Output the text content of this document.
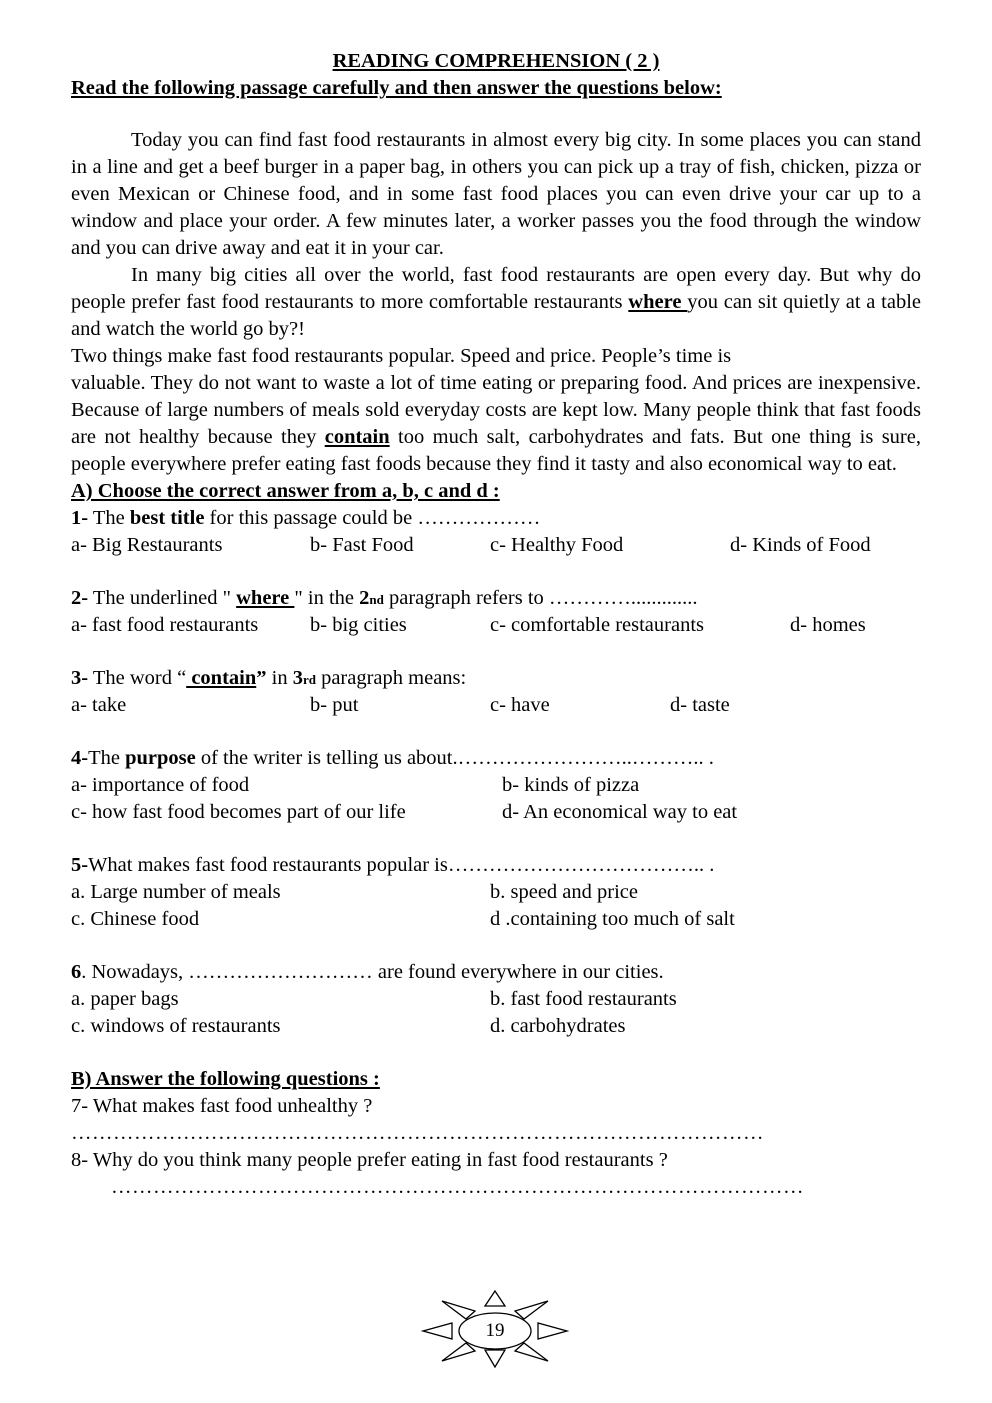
READING COMPREHENSION ( 2 )
Read the following passage carefully and then answer the questions below:

Today you can find fast food restaurants in almost every big city. In some places you can stand in a line and get a beef burger in a paper bag, in others you can pick up a tray of fish, chicken, pizza or even Mexican or Chinese food, and in some fast food places you can even drive your car up to a window and place your order. A few minutes later, a worker passes you the food through the window and you can drive away and eat it in your car.

In many big cities all over the world, fast food restaurants are open every day. But why do people prefer fast food restaurants to more comfortable restaurants where you can sit quietly at a table and watch the world go by?!

Two things make fast food restaurants popular. Speed and price. People’s time is

valuable. They do not want to waste a lot of time eating or preparing food. And prices are inexpensive. Because of large numbers of meals sold everyday costs are kept low. Many people think that fast foods are not healthy because they contain too much salt, carbohydrates and fats. But one thing is sure, people everywhere prefer eating fast foods because they find it tasty and also economical way to eat.

A) Choose the correct answer from a, b, c and d :
1- The best title for this passage could be ………………
a- Big Restaurants	b- Fast Food	c- Healthy Food	d- Kinds of Food
2- The underlined " where " in the 2nd paragraph refers to ………….............
a- fast food restaurants	b- big cities	c- comfortable restaurants	d- homes
3- The word “ contain” in 3rd paragraph means:
a- take	b- put	c- have	d- taste
4-The purpose of the writer is telling us about.……………………..……….. .
a- importance of food	b- kinds of pizza
c- how fast food becomes part of our life	d- An economical way to eat
5-What makes fast food restaurants popular is……………………………….. .
a. Large number of meals	b. speed and price
c. Chinese food	d .containing too much of salt
6. Nowadays, ……………………… are found everywhere in our cities.
a. paper bags	b. fast food restaurants
c. windows of restaurants	d. carbohydrates
B) Answer the following questions :
7- What makes fast food unhealthy ?
………………………………………………………………………………………
8- Why do you think many people prefer eating in fast food restaurants ?
………………………………………………………………………………………
19
